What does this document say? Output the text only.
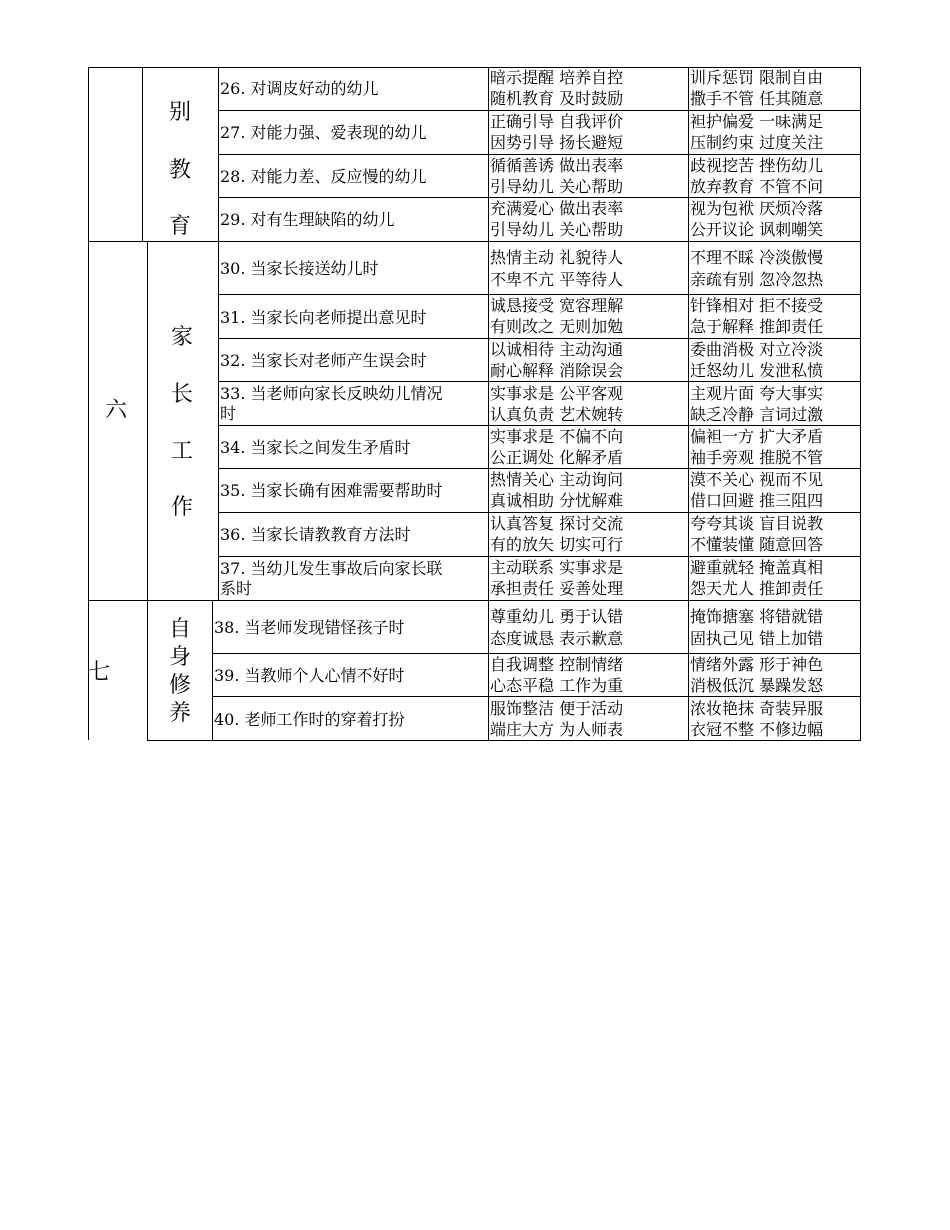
别
教
育
26. 对调皮好动的幼儿
暗示提醒 培养自控
随机教育 及时鼓励
训斥惩罚 限制自由
撒手不管 任其随意
27. 对能力强、爱表现的幼儿
正确引导 自我评价
因势引导 扬长避短
袒护偏爱 一味满足
压制约束 过度关注
28. 对能力差、反应慢的幼儿
循循善诱 做出表率
引导幼儿 关心帮助
歧视挖苦 挫伤幼儿
放弃教育 不管不问
29. 对有生理缺陷的幼儿
充满爱心 做出表率
引导幼儿 关心帮助
视为包袱 厌烦冷落
公开议论 讽刺嘲笑
六
家
长
工
作
30. 当家长接送幼儿时
热情主动 礼貌待人
不卑不亢 平等待人
不理不睬 冷淡傲慢
亲疏有别 忽冷忽热
31. 当家长向老师提出意见时
诚恳接受 宽容理解
有则改之 无则加勉
针锋相对 拒不接受
急于解释 推卸责任
32. 当家长对老师产生误会时
以诚相待 主动沟通
耐心解释 消除误会
委曲消极 对立冷淡
迁怒幼儿 发泄私愤
33. 当老师向家长反映幼儿情况
时
实事求是 公平客观
认真负责 艺术婉转
主观片面 夸大事实
缺乏冷静 言词过激
34. 当家长之间发生矛盾时
实事求是 不偏不向
公正调处 化解矛盾
偏袒一方 扩大矛盾
袖手旁观 推脱不管
35. 当家长确有困难需要帮助时
热情关心 主动询问
真诚相助 分忧解难
漠不关心 视而不见
借口回避 推三阻四
36. 当家长请教教育方法时
认真答复 探讨交流
有的放矢 切实可行
夸夸其谈 盲目说教
不懂装懂 随意回答
37. 当幼儿发生事故后向家长联
系时
主动联系 实事求是
承担责任 妥善处理
避重就轻 掩盖真相
怨天尤人 推卸责任
七
自
身
修
养
38. 当老师发现错怪孩子时
尊重幼儿 勇于认错
态度诚恳 表示歉意
掩饰搪塞 将错就错
固执己见 错上加错
39. 当教师个人心情不好时
自我调整 控制情绪
心态平稳 工作为重
情绪外露 形于神色
消极低沉 暴躁发怒
40. 老师工作时的穿着打扮
服饰整洁 便于活动
端庄大方 为人师表
浓妆艳抹 奇装异服
衣冠不整 不修边幅
